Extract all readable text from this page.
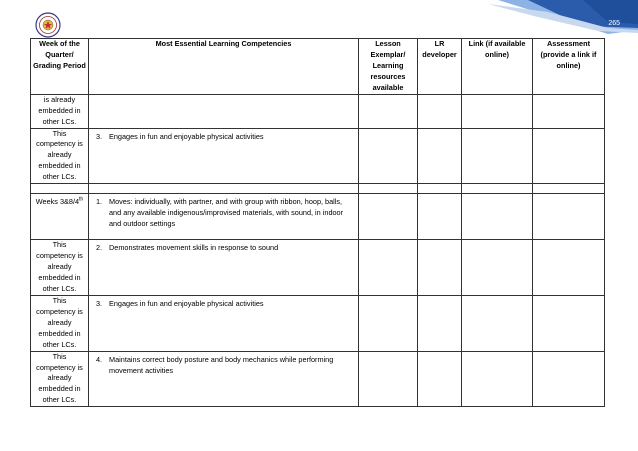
265
Week of the Quarter/ Grading Period	Most Essential Learning Competencies	Lesson Exemplar/ Learning resources available	LR developer	Link (if available online)	Assessment (provide a link if online)
is already embedded in other LCs.					
This competency is already embedded in other LCs.	3. Engages in fun and enjoyable physical activities				

Weeks 3&8/4th	1. Moves: individually, with partner, and with group with ribbon, hoop, balls, and any available indigenous/improvised materials, with sound, in indoor and outdoor settings				

This competency is already embedded in other LCs.	2. Demonstrates movement skills in response to sound				

This competency is already embedded in other LCs.	3. Engages in fun and enjoyable physical activities				

This competency is already embedded in other LCs.	4. Maintains correct body posture and body mechanics while performing movement activities				
